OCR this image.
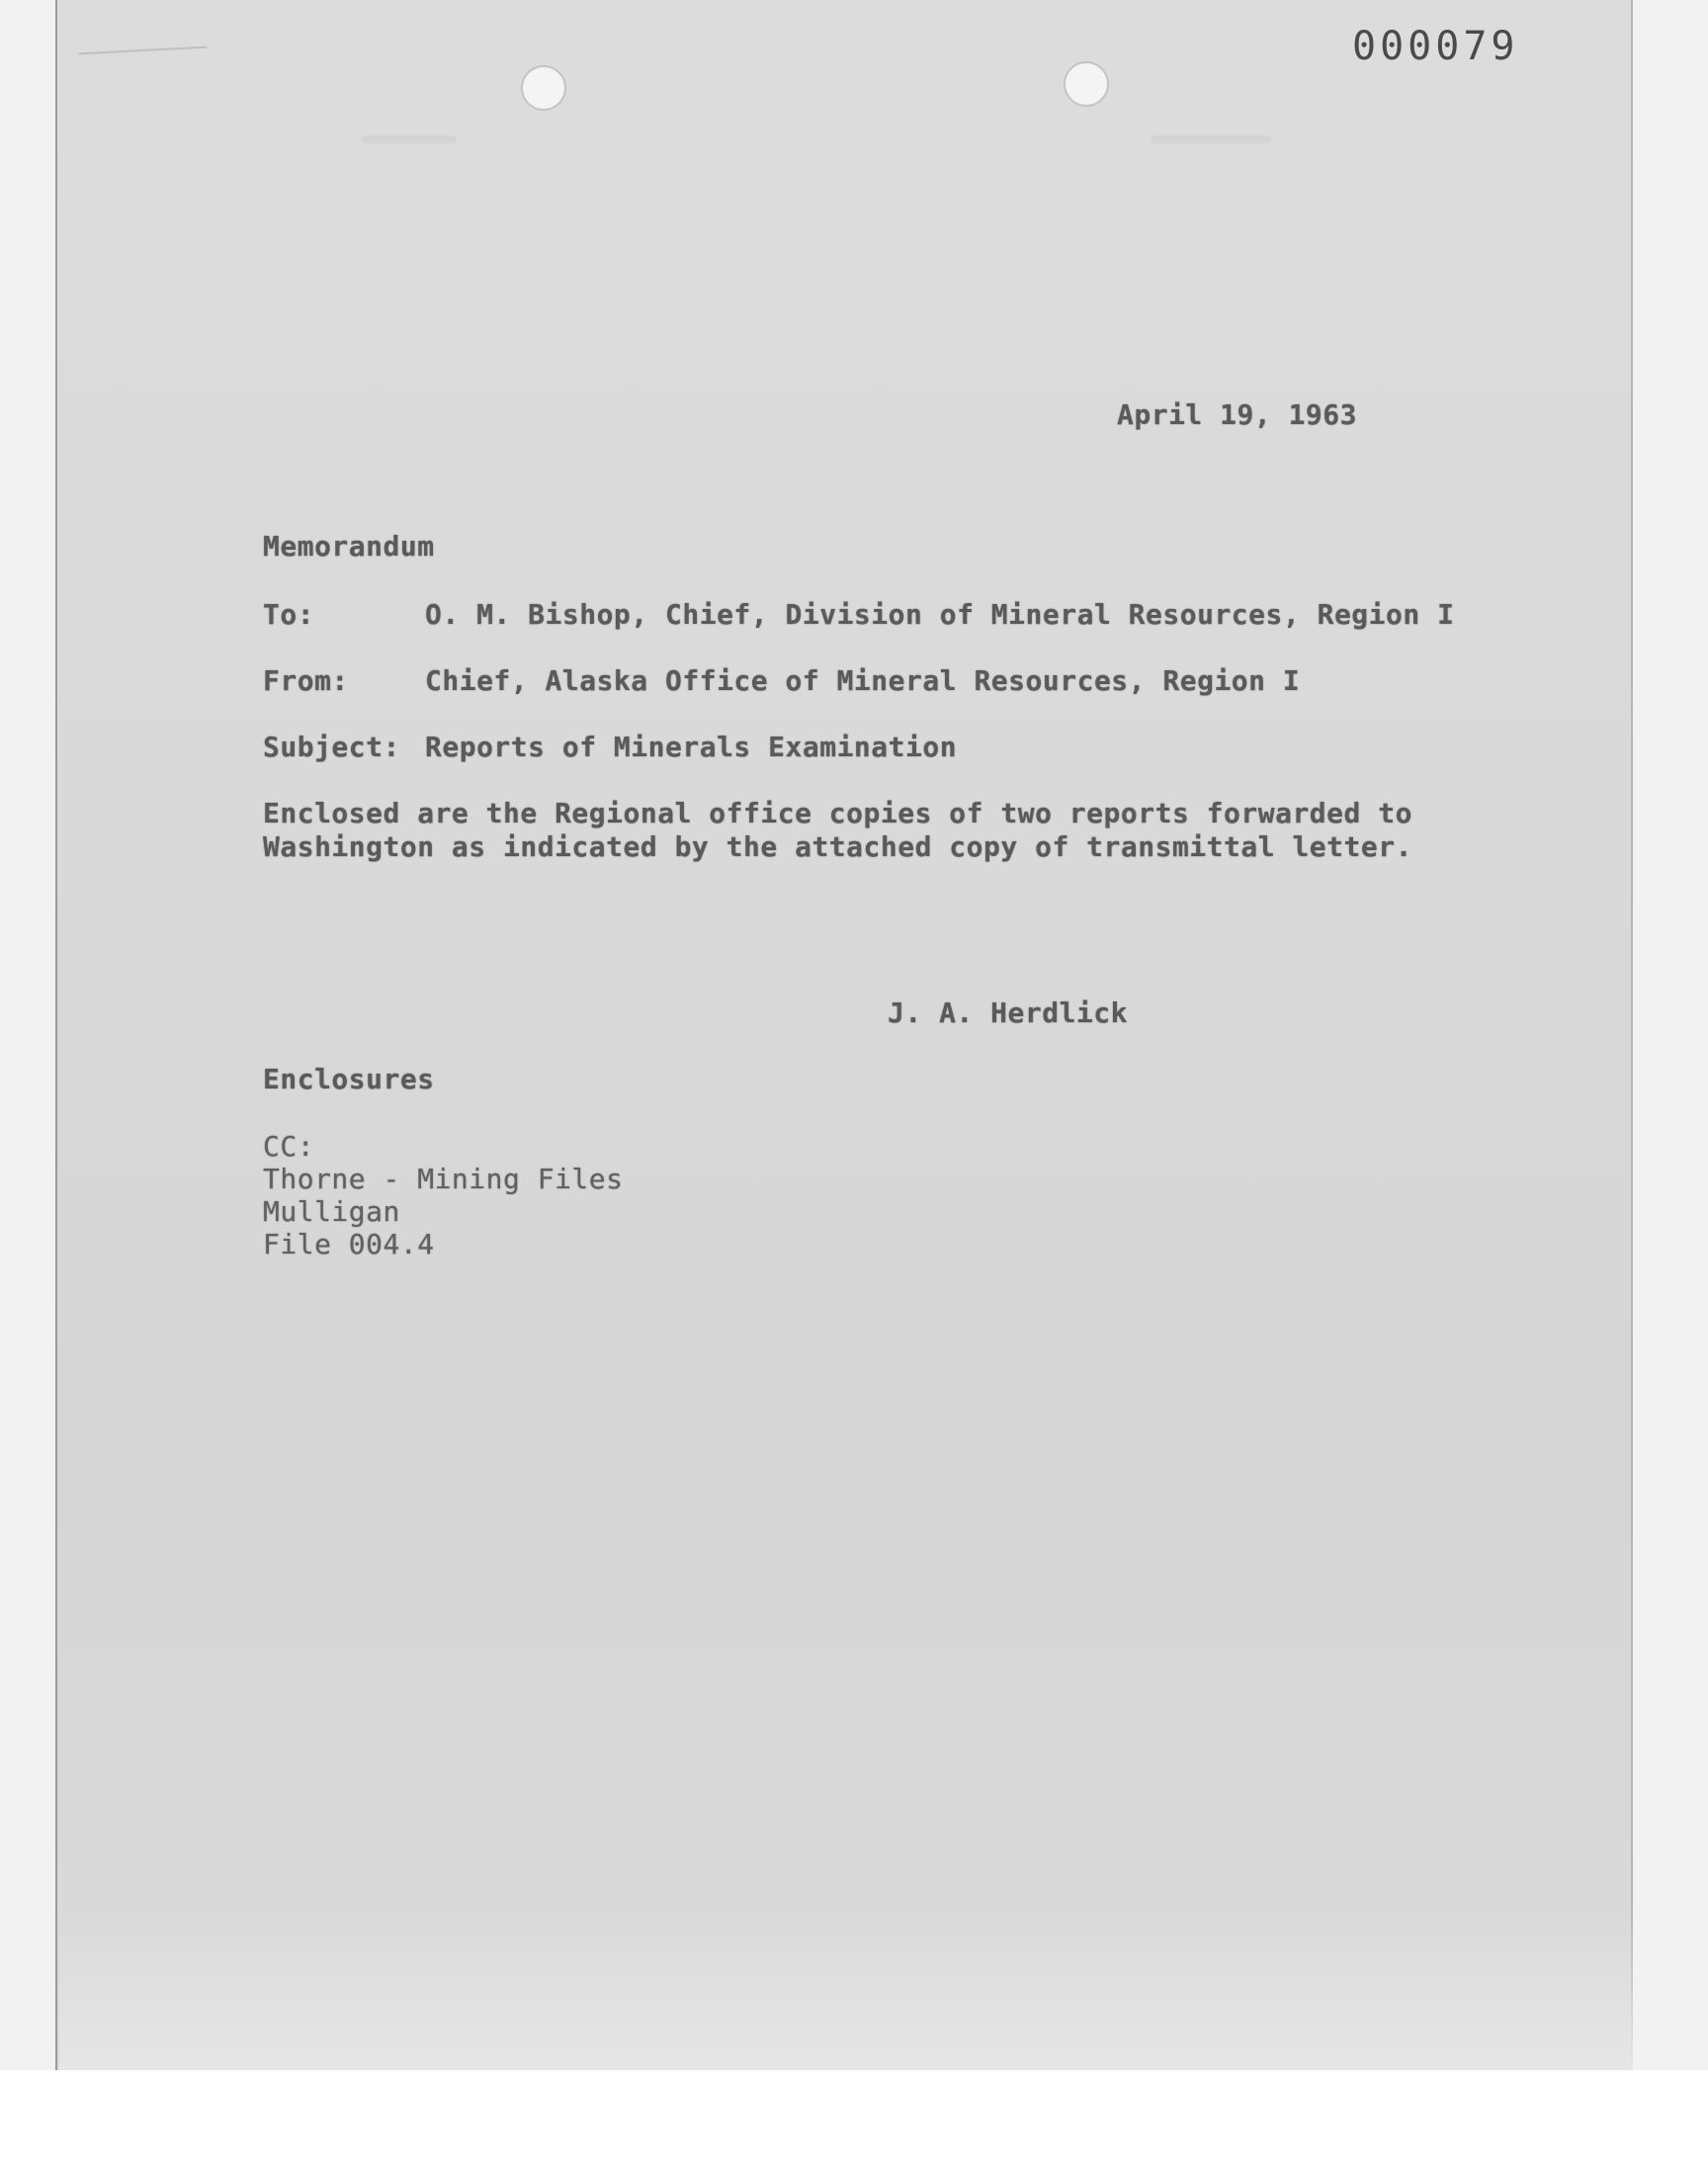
000079
April 19, 1963
Memorandum
To:	O. M. Bishop, Chief, Division of Mineral Resources, Region I
From:	Chief, Alaska Office of Mineral Resources, Region I
Subject: Reports of Minerals Examination
Enclosed are the Regional office copies of two reports forwarded to
Washington as indicated by the attached copy of transmittal letter.
J. A. Herdlick
Enclosures
CC:
Thorne - Mining Files
Mulligan
File 004.4
